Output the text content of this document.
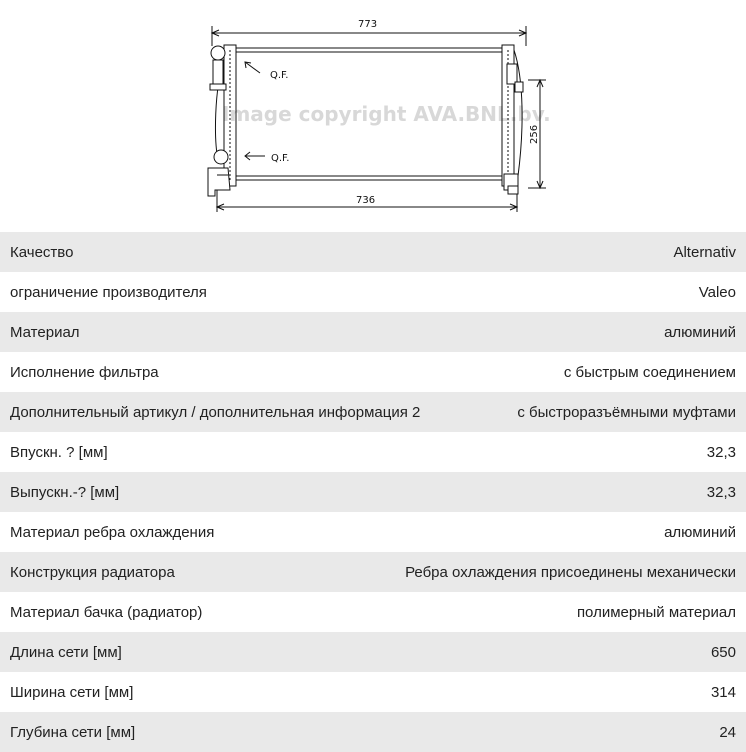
Image copyright AVA.BNL.bv.
773
736
256
Q.F.
Q.F.
Качество	Alternativ
ограничение производителя	Valeo
Материал	алюминий
Исполнение фильтра	с быстрым соединением
Дополнительный артикул / дополнительная информация 2	с быстроразъёмными муфтами
Впускн. ? [мм]	32,3
Выпускн.-? [мм]	32,3
Материал ребра охлаждения	алюминий
Конструкция радиатора	Ребра охлаждения присоединены механически
Материал бачка (радиатор)	полимерный материал
Длина сети [мм]	650
Ширина сети [мм]	314
Глубина сети [мм]	24
